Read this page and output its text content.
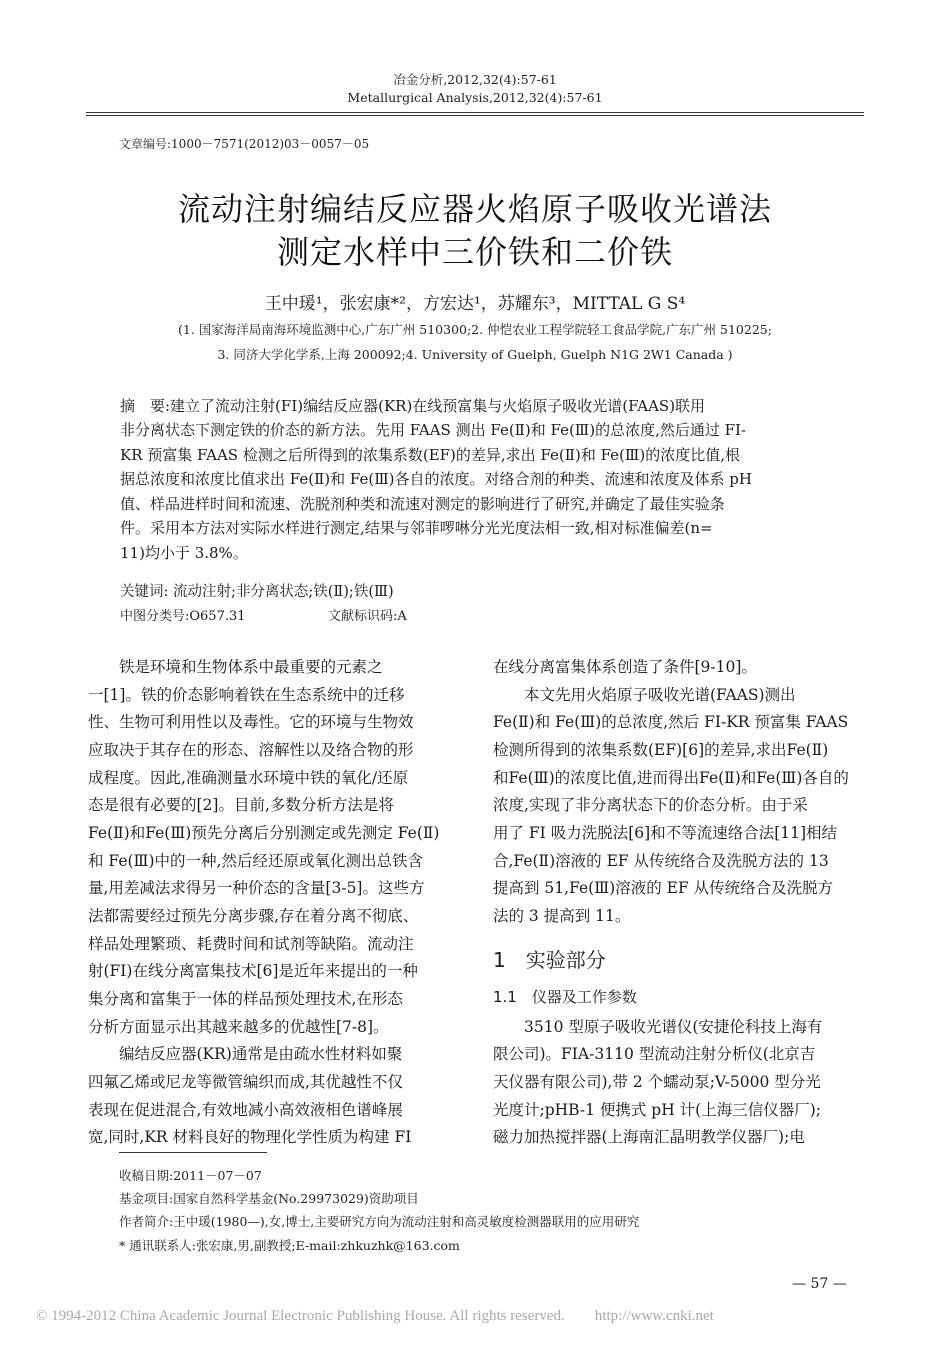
冶金分析,2012,32(4):57-61
Metallurgical Analysis,2012,32(4):57-61
文章编号:1000－7571(2012)03－0057－05
流动注射编结反应器火焰原子吸收光谱法
测定水样中三价铁和二价铁
王中瑗¹，张宏康*²，方宏达¹，苏耀东³，MITTAL G S⁴
(1. 国家海洋局南海环境监测中心,广东广州 510300;2. 仲恺农业工程学院轻工食品学院,广东广州 510225;
3. 同济大学化学系,上海 200092;4. University of Guelph, Guelph N1G 2W1 Canada )
摘　要:建立了流动注射(FI)编结反应器(KR)在线预富集与火焰原子吸收光谱(FAAS)联用
非分离状态下测定铁的价态的新方法。先用 FAAS 测出 Fe(Ⅱ)和 Fe(Ⅲ)的总浓度,然后通过 FI-
KR 预富集 FAAS 检测之后所得到的浓集系数(EF)的差异,求出 Fe(Ⅱ)和 Fe(Ⅲ)的浓度比值,根
据总浓度和浓度比值求出 Fe(Ⅱ)和 Fe(Ⅲ)各自的浓度。对络合剂的种类、流速和浓度及体系 pH
值、样品进样时间和流速、洗脱剂种类和流速对测定的影响进行了研究,并确定了最佳实验条
件。采用本方法对实际水样进行测定,结果与邻菲啰啉分光光度法相一致,相对标准偏差(n=
11)均小于 3.8%。
关键词: 流动注射;非分离状态;铁(Ⅱ);铁(Ⅲ)
中图分类号:O657.31	文献标识码:A
　　铁是环境和生物体系中最重要的元素之
一[1]。铁的价态影响着铁在生态系统中的迁移
性、生物可利用性以及毒性。它的环境与生物效
应取决于其存在的形态、溶解性以及络合物的形
成程度。因此,准确测量水环境中铁的氧化/还原
态是很有必要的[2]。目前,多数分析方法是将
Fe(Ⅱ)和Fe(Ⅲ)预先分离后分别测定或先测定 Fe(Ⅱ)
和 Fe(Ⅲ)中的一种,然后经还原或氧化测出总铁含
量,用差减法求得另一种价态的含量[3-5]。这些方
法都需要经过预先分离步骤,存在着分离不彻底、
样品处理繁琐、耗费时间和试剂等缺陷。流动注
射(FI)在线分离富集技术[6]是近年来提出的一种
集分离和富集于一体的样品预处理技术,在形态
分析方面显示出其越来越多的优越性[7-8]。
　　编结反应器(KR)通常是由疏水性材料如聚
四氟乙烯或尼龙等微管编织而成,其优越性不仅
表现在促进混合,有效地减小高效液相色谱峰展
宽,同时,KR 材料良好的物理化学性质为构建 FI
在线分离富集体系创造了条件[9-10]。
　　本文先用火焰原子吸收光谱(FAAS)测出
Fe(Ⅱ)和 Fe(Ⅲ)的总浓度,然后 FI-KR 预富集 FAAS
检测所得到的浓集系数(EF)[6]的差异,求出Fe(Ⅱ)
和Fe(Ⅲ)的浓度比值,进而得出Fe(Ⅱ)和Fe(Ⅲ)各自的
浓度,实现了非分离状态下的价态分析。由于采
用了 FI 吸力洗脱法[6]和不等流速络合法[11]相结
合,Fe(Ⅱ)溶液的 EF 从传统络合及洗脱方法的 13
提高到 51,Fe(Ⅲ)溶液的 EF 从传统络合及洗脱方
法的 3 提高到 11。
1　实验部分
1.1　仪器及工作参数
　　3510 型原子吸收光谱仪(安捷伦科技上海有
限公司)。FIA-3110 型流动注射分析仪(北京吉
天仪器有限公司),带 2 个蠕动泵;V-5000 型分光
光度计;pHB-1 便携式 pH 计(上海三信仪器厂);
磁力加热搅拌器(上海南汇晶明教学仪器厂);电
收稿日期:2011－07－07
基金项目:国家自然科学基金(No.29973029)资助项目
作者简介:王中瑗(1980—),女,博士,主要研究方向为流动注射和高灵敏度检测器联用的应用研究
* 通讯联系人:张宏康,男,副教授;E-mail:zhkuzhk@163.com
— 57 —
© 1994-2012 China Academic Journal Electronic Publishing House. All rights reserved.　　http://www.cnki.net
